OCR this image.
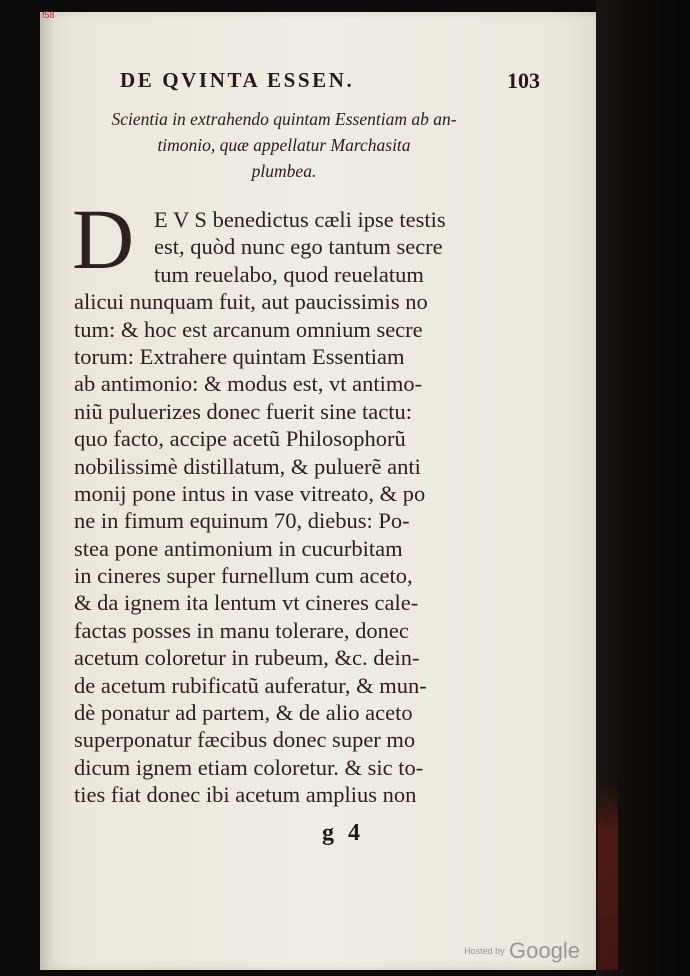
f58
DE QVINTA ESSEN.	103
Scientia in extrahendo quintam Essentiam ab an-
timonio, quæ appellatur Marchasita
plumbea.
D E V S benedictus cæli ipse testis
est, quòd nunc ego tantum secre
tum reuelabo, quod reuelatum
alicui nunquam fuit, aut paucissimis no
tum: & hoc est arcanum omnium secre
torum: Extrahere quintam Essentiam
ab antimonio: & modus est, vt antimo-
niũ puluerizes donec fuerit sine tactu:
quo facto, accipe acetũ Philosophorũ
nobilissimè distillatum, & puluerẽ anti
monij pone intus in vase vitreato, & po
ne in fimum equinum 70, diebus: Po-
stea pone antimonium in cucurbitam
in cineres super furnellum cum aceto,
& da ignem ita lentum vt cineres cale-
factas posses in manu tolerare, donec
acetum coloretur in rubeum, &c. dein-
de acetum rubificatũ auferatur, & mun-
dè ponatur ad partem, & de alio aceto
superponatur fæcibus donec super mo
dicum ignem etiam coloretur. & sic to-
ties fiat donec ibi acetum amplius non
g 4
Hosted by Google
